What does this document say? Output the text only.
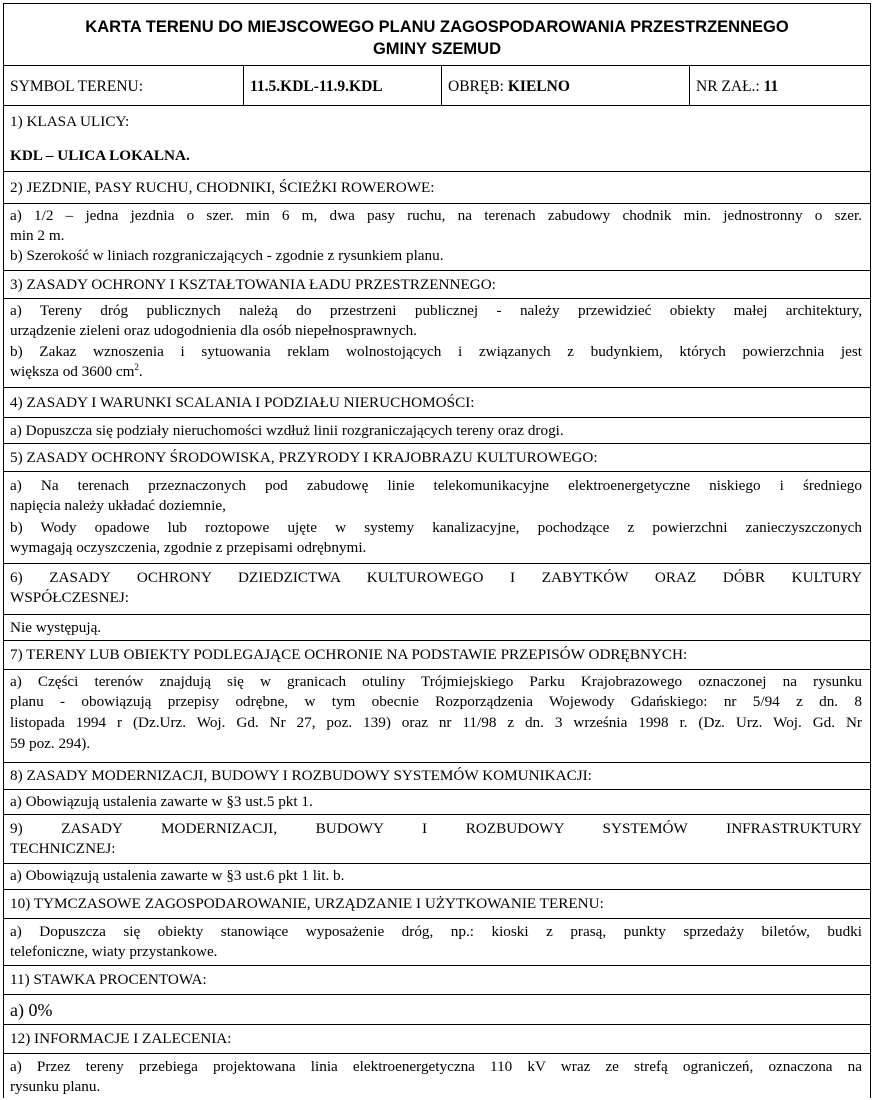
KARTA TERENU DO MIEJSCOWEGO PLANU ZAGOSPODAROWANIA PRZESTRZENNEGO
GMINY SZEMUD
SYMBOL TERENU:	11.5.KDL-11.9.KDL	OBRĘB: KIELNO	NR ZAŁ.: 11
1) KLASA ULICY:
KDL – ULICA LOKALNA.
2) JEZDNIE, PASY RUCHU, CHODNIKI, ŚCIEŻKI ROWEROWE:
a) 1/2 – jedna jezdnia o szer. min 6 m, dwa pasy ruchu, na terenach zabudowy chodnik min. jednostronny o szer.
min 2 m.
b) Szerokość w liniach rozgraniczających - zgodnie z rysunkiem planu.
3) ZASADY OCHRONY I KSZTAŁTOWANIA ŁADU PRZESTRZENNEGO:
a) Tereny dróg publicznych należą do przestrzeni publicznej - należy przewidzieć obiekty małej architektury,
urządzenie zieleni oraz udogodnienia dla osób niepełnosprawnych.
b) Zakaz wznoszenia i sytuowania reklam wolnostojących i związanych z budynkiem, których powierzchnia jest
większa od 3600 $cm^2$.
4) ZASADY I WARUNKI SCALANIA I PODZIAŁU NIERUCHOMOŚCI:
a) Dopuszcza się podziały nieruchomości wzdłuż linii rozgraniczających tereny oraz drogi.
5) ZASADY OCHRONY ŚRODOWISKA, PRZYRODY I KRAJOBRAZU KULTUROWEGO:
a) Na terenach przeznaczonych pod zabudowę linie telekomunikacyjne elektroenergetyczne niskiego i średniego
napięcia należy układać doziemnie,
b) Wody opadowe lub roztopowe ujęte w systemy kanalizacyjne, pochodzące z powierzchni zanieczyszczonych
wymagają oczyszczenia, zgodnie z przepisami odrębnymi.
6) ZASADY OCHRONY DZIEDZICTWA KULTUROWEGO I ZABYTKÓW ORAZ DÓBR KULTURY
WSPÓŁCZESNEJ:
Nie występują.
7) TERENY LUB OBIEKTY PODLEGAJĄCE OCHRONIE NA PODSTAWIE PRZEPISÓW ODRĘBNYCH:
a) Części terenów znajdują się w granicach otuliny Trójmiejskiego Parku Krajobrazowego oznaczonej na rysunku
planu - obowiązują przepisy odrębne, w tym obecnie Rozporządzenia Wojewody Gdańskiego: nr 5/94 z dn. 8
listopada 1994 r (Dz.Urz. Woj. Gd. Nr 27, poz. 139) oraz nr 11/98 z dn. 3 września 1998 r. (Dz. Urz. Woj. Gd. Nr
59 poz. 294).
8) ZASADY MODERNIZACJI, BUDOWY I ROZBUDOWY SYSTEMÓW KOMUNIKACJI:
a) Obowiązują ustalenia zawarte w §3 ust.5 pkt 1.
9) ZASADY MODERNIZACJI, BUDOWY I ROZBUDOWY SYSTEMÓW INFRASTRUKTURY
TECHNICZNEJ:
a) Obowiązują ustalenia zawarte w §3 ust.6 pkt 1 lit. b.
10) TYMCZASOWE ZAGOSPODAROWANIE, URZĄDZANIE I UŻYTKOWANIE TERENU:
a) Dopuszcza się obiekty stanowiące wyposażenie dróg, np.: kioski z prasą, punkty sprzedaży biletów, budki
telefoniczne, wiaty przystankowe.
11) STAWKA PROCENTOWA:
a) 0%
12) INFORMACJE I ZALECENIA:
a) Przez tereny przebiega projektowana linia elektroenergetyczna 110 kV wraz ze strefą ograniczeń, oznaczona na
rysunku planu.
